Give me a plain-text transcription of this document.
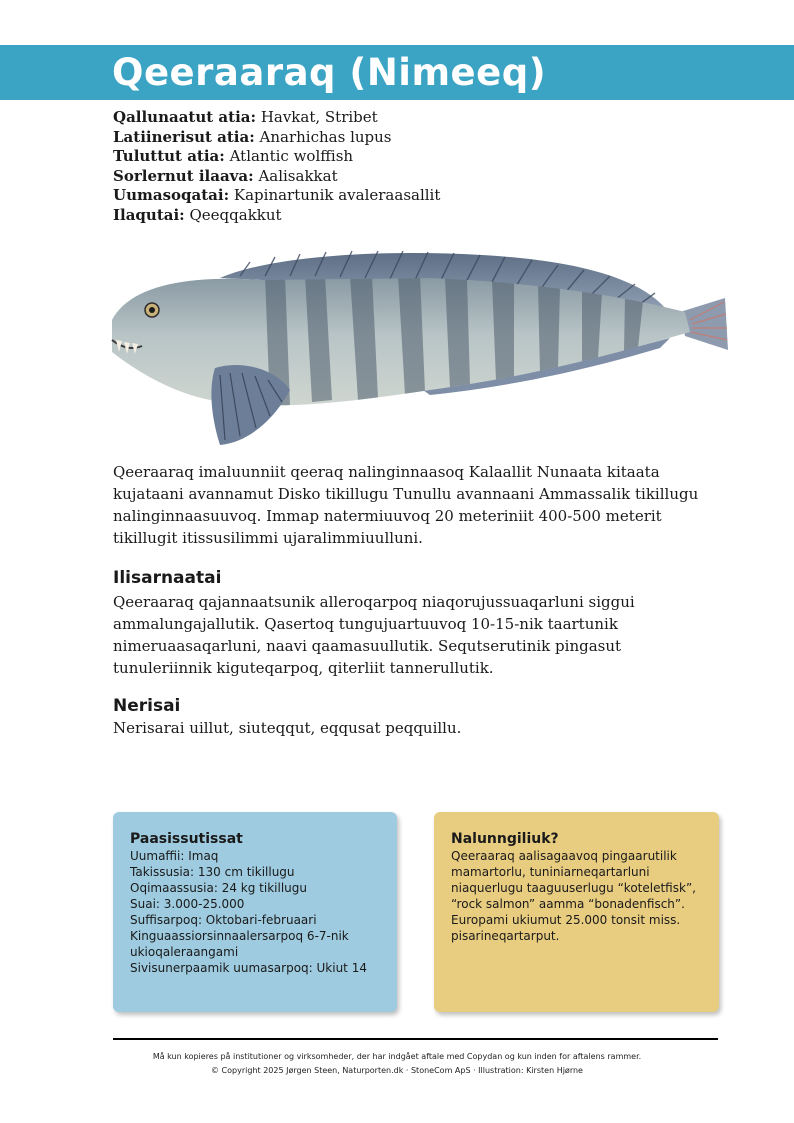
Qeeraaraq (Nimeeq)
Qallunaatut atia: Havkat, Stribet
Latiinerisut atia: Anarhichas lupus
Tuluttut atia: Atlantic wolffish
Sorlernut ilaava: Aalisakkat
Uumasoqatai: Kapinartunik avaleraasallit
Ilaqutai: Qeeqqakkut
Qeeraaraq imaluunniit qeeraq nalinginnaasoq Kalaallit Nunaata kitaata
kujataani avannamut Disko tikillugu Tunullu avannaani Ammassalik tikillugu
nalinginnaasuuvoq. Immap natermiuuvoq 20 meteriniit 400-500 meterit
tikillugit itissusilimmi ujaralimmiuulluni.
Ilisarnaatai
Qeeraaraq qajannaatsunik alleroqarpoq niaqorujussuaqarluni siggui
ammalungajallutik. Qasertoq tungujuartuuvoq 10-15-nik taartunik
nimeruaasaqarluni, naavi qaamasuullutik. Sequtserutinik pingasut
tunuleriinnik kiguteqarpoq, qiterliit tannerullutik.
Nerisai
Nerisarai uillut, siuteqqut, eqqusat peqquillu.
Paasissutissat
Uumaffii: Imaq
Takissusia: 130 cm tikillugu
Oqimaassusia: 24 kg tikillugu
Suai: 3.000-25.000
Suffisarpoq: Oktobari-februaari
Kinguaassiorsinnaalersarpoq 6-7-nik
ukioqaleraangami
Sivisunerpaamik uumasarpoq: Ukiut 14
Nalunngiliuk?
Qeeraaraq aalisagaavoq pingaarutilik
mamartorlu, tuniniarneqartarluni
niaquerlugu taaguuserlugu “koteletfisk”,
“rock salmon” aamma “bonadenfisch”.
Europami ukiumut 25.000 tonsit miss.
pisarineqartarput.
Må kun kopieres på institutioner og virksomheder, der har indgået aftale med Copydan og kun inden for aftalens rammer.
© Copyright 2025 Jørgen Steen, Naturporten.dk · StoneCom ApS · Illustration: Kirsten Hjørne
